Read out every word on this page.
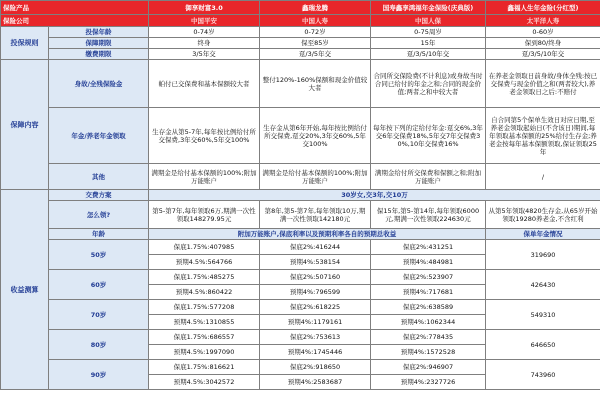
保险产品		御享财富3.0	鑫瑞龙腾	国寿鑫享鸿福年金保险(庆典版)	鑫福人生年金险(分红型)
保险公司		中国平安	中国人寿	中国人保	太平洋人寿
投保规则	投保年龄	0-74岁	0-72岁	0-75周岁	0-60岁
	保障期限	终身	保至85岁	15年	保到80/终身
	缴费期限	3/5年交	趸/3/5年交	趸/3/5/10年交	趸/3/5/10年交
保障内容	身故/全残保险金	帕付已交保费和基本保额较大者	整付120%-160%保额和现金价值较大者	合同所交保险费(不计利息)或身故当时合同已给付的年金之和;合同的现金价值;两者之和中较大者	在养老金领取日前身故/身体全残:按已交保费与现金价值之和(两者较大),养老金领取日之后:不赔付
	年金/养老年金领取	生存金从第5-7年,每年按比例给付所交保费,3年交60%,5年交100%	生存金从第6年开始,每年按比例给付所交保费,趸交20%,3年交60%,5年交100%	每年按下列的定给付年金:趸交6%,3年交6年交保费18%,5年交7年交保费30%,10年交保费16%	自合同第5个保单生效日对应日期,至养老金领取起始日(不含该日)期间,每年领取基本保额的25%给付生存金;养老金按每年基本保额领取,保证领取25年
	其他	满期金是给付基本保额的100%;附加万能账户	满期金是给付基本保额的100%;附加万能账户	满期金给付所交保费和保额之和;附加万能账户	/
收益测算	交费方案	30岁女,交3年,交10万			
	怎么领?	第5-第7年,每年领取6万,期满一次性领取148279.95元	第8年,第5-第7年,每年领取10万,期满一次性领取142180元	保15年,第5-第14年,每年领取6000元,期满一次性领取224630元	从第5年领取4820生存金,从65岁开始领取19280养老金,不含红利
	年龄	附加万能账户,保底利率以及预期利率各自的预期总收益			保单年金情况
	50岁	保底1.75%:407985	保底2%:416244	保底2%:431251	319690
		预期4.5%:564766	预期4%:538154	预期4%:484981	
	60岁	保底1.75%:485275	保底2%:507160	保底2%:523907	426430
		预期4.5%:860422	预期4%:796599	预期4%:717681	
	70岁	保底1.75%:577208	保底2%:618225	保底2%:638589	549310
		预期4.5%:1310855	预期4%:1179161	预期4%:1062344	
	80岁	保底1.75%:686557	保底2%:753613	保底2%:778435	646650
		预期4.5%:1997090	预期4%:1745446	预期4%:1572528	
	90岁	保底1.75%:816621	保底2%:918650	保底2%:946907	743960
		预期4.5%:3042572	预期4%:2583687	预期4%:2327726	
